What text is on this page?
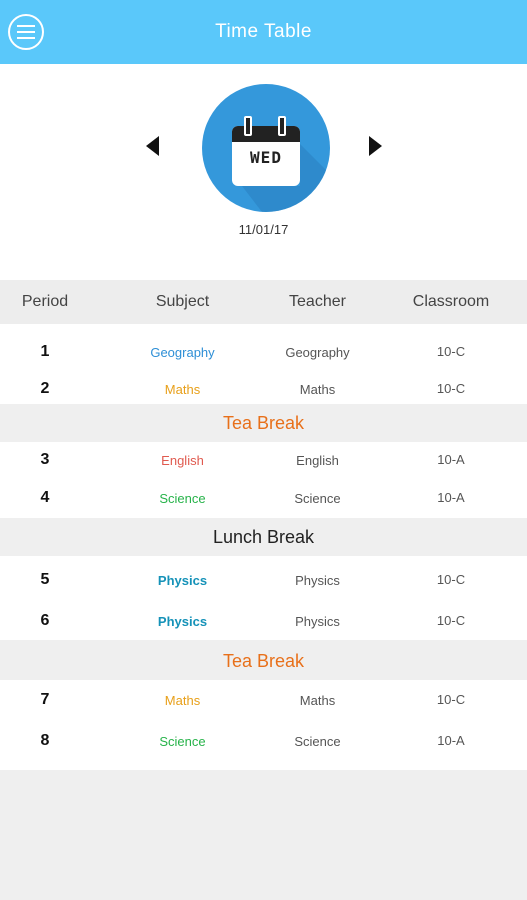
Time Table
WED
11/01/17
Period	Subject	Teacher	Classroom
1	Geography	Geography	10-C
2	Maths	Maths	10-C
Tea Break
3	English	English	10-A
4	Science	Science	10-A
Lunch Break
5	Physics	Physics	10-C
6	Physics	Physics	10-C
Tea Break
7	Maths	Maths	10-C
8	Science	Science	10-A
